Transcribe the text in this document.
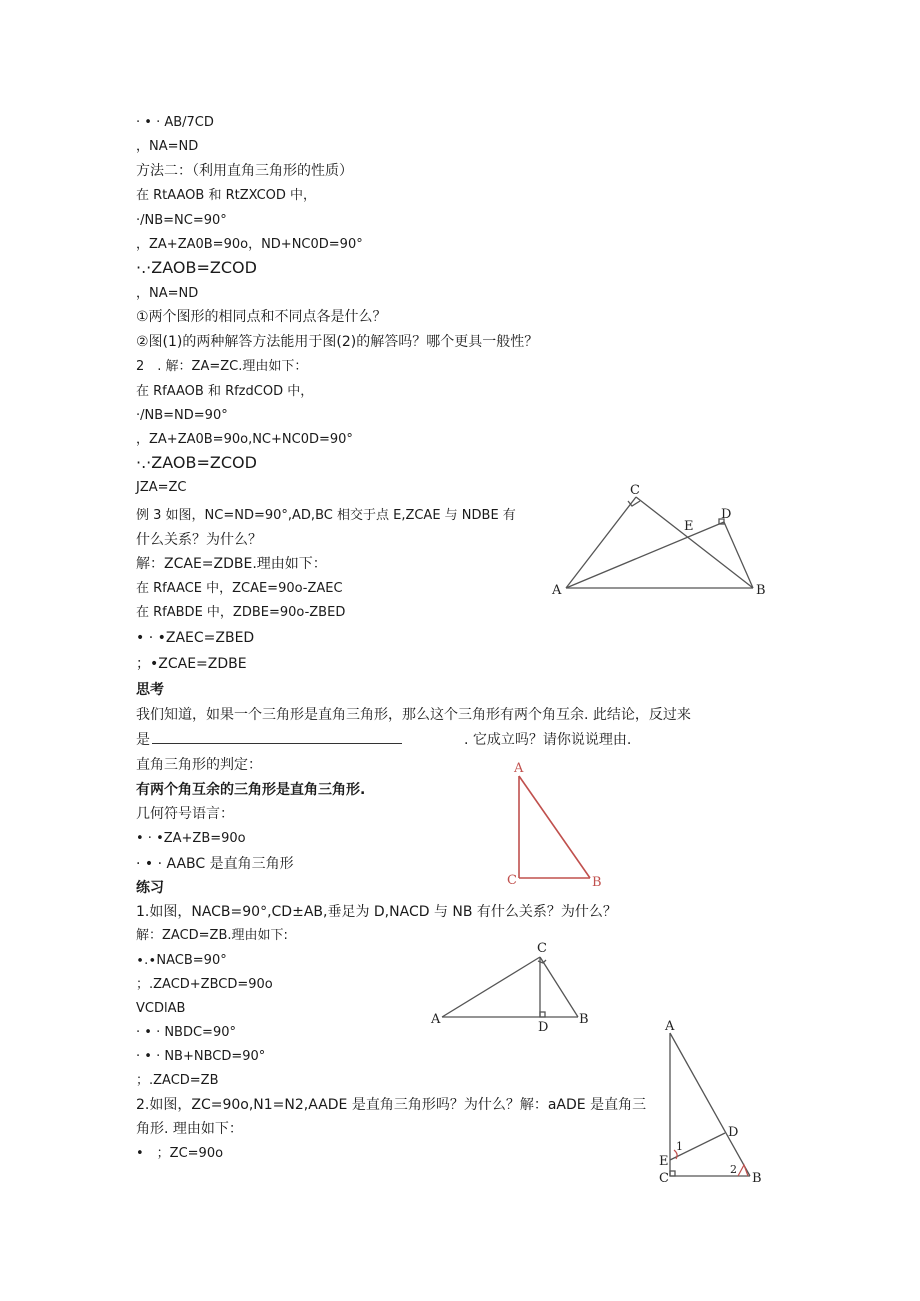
· • · AB/7CD
，NA=ND
方法二：（利用直角三角形的性质）
在 RtAAOB 和 RtZXCOD 中，
·/NB=NC=90°
，ZA+ZA0B=90o，ND+NC0D=90°
·.·ZAOB=ZCOD
，NA=ND
①两个图形的相同点和不同点各是什么？
②图(1)的两种解答方法能用于图(2)的解答吗？哪个更具一般性？
2　. 解：ZA=ZC.理由如下：
在 RfAAOB 和 RfzdCOD 中，
·/NB=ND=90°
，ZA+ZA0B=90o,NC+NC0D=90°
·.·ZAOB=ZCOD
JZA=ZC
例 3 如图，NC=ND=90°,AD,BC 相交于点 E,ZCAE 与 NDBE 有
什么关系？为什么？
解：ZCAE=ZDBE.理由如下：
在 RfAACE 中，ZCAE=90o-ZAEC
在 RfABDE 中，ZDBE=90o-ZBED
• · •ZAEC=ZBED
；•ZCAE=ZDBE
思考
我们知道，如果一个三角形是直角三角形，那么这个三角形有两个角互余. 此结论，反过来
是	. 它成立吗？请你说说理由.
直角三角形的判定：
有两个角互余的三角形是直角三角形.
几何符号语言：
• · •ZA+ZB=90o
· • · AABC 是直角三角形
练习
1.如图，NACB=90°,CD±AB,垂足为 D,NACD 与 NB 有什么关系？为什么？
解：ZACD=ZB.理由如下:
∙.∙NACB=90°
；.ZACD+ZBCD=90o
VCDlAB
· • · NBDC=90°
· • · NB+NBCD=90°
；.ZACD=ZB
2.如图，ZC=90o,N1=N2,AADE 是直角三角形吗？为什么？解：aADE 是直角三
角形. 理由如下：
•　；ZC=90o
C
E
D
A	B
A
C	B
C
A
D
B	A
D
1
E
C
2
B
